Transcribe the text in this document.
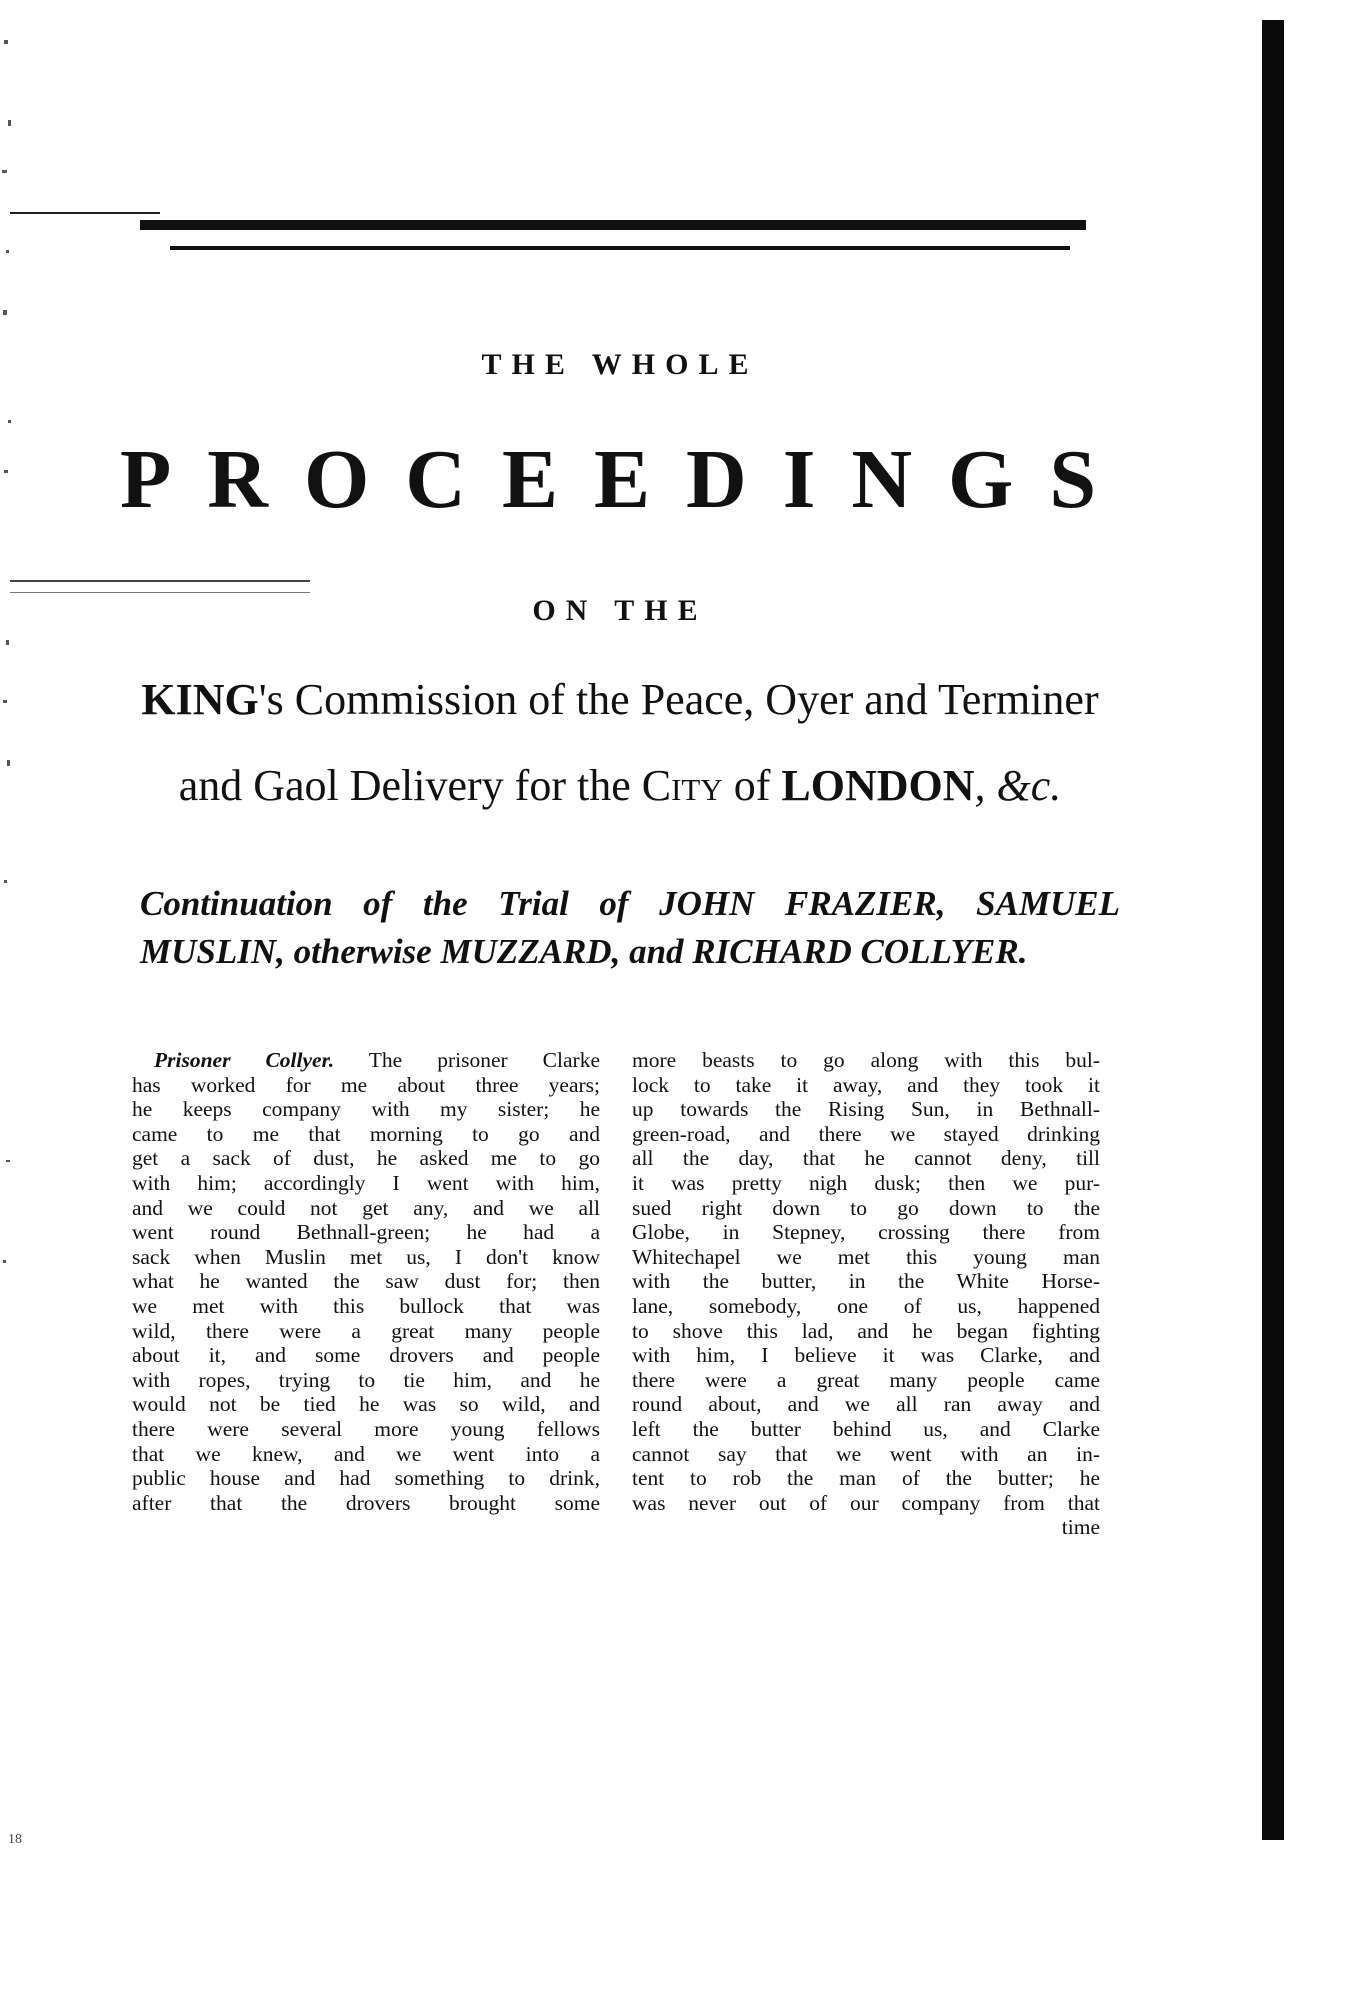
THE WHOLE
PROCEEDINGS
ON THE
KING's Commission of the Peace, Oyer and Terminer
and Gaol Delivery for the City of LONDON, &c.
Continuation of the Trial of JOHN FRAZIER, SAMUEL
MUSLIN, otherwise MUZZARD, and RICHARD COLLYER.
Prisoner Collyer. The prisoner Clarke
has worked for me about three years;
he keeps company with my sister; he
came to me that morning to go and
get a sack of dust, he asked me to go
with him; accordingly I went with him,
and we could not get any, and we all
went round Bethnall-green; he had a
sack when Muslin met us, I don't know
what he wanted the saw dust for; then
we met with this bullock that was
wild, there were a great many people
about it, and some drovers and people
with ropes, trying to tie him, and he
would not be tied he was so wild, and
there were several more young fellows
that we knew, and we went into a
public house and had something to drink,
after that the drovers brought some
more beasts to go along with this bul-
lock to take it away, and they took it
up towards the Rising Sun, in Bethnall-
green-road, and there we stayed drinking
all the day, that he cannot deny, till
it was pretty nigh dusk; then we pur-
sued right down to go down to the
Globe, in Stepney, crossing there from
Whitechapel we met this young man
with the butter, in the White Horse-
lane, somebody, one of us, happened
to shove this lad, and he began fighting
with him, I believe it was Clarke, and
there were a great many people came
round about, and we all ran away and
left the butter behind us, and Clarke
cannot say that we went with an in-
tent to rob the man of the butter; he
was never out of our company from that
time
18
